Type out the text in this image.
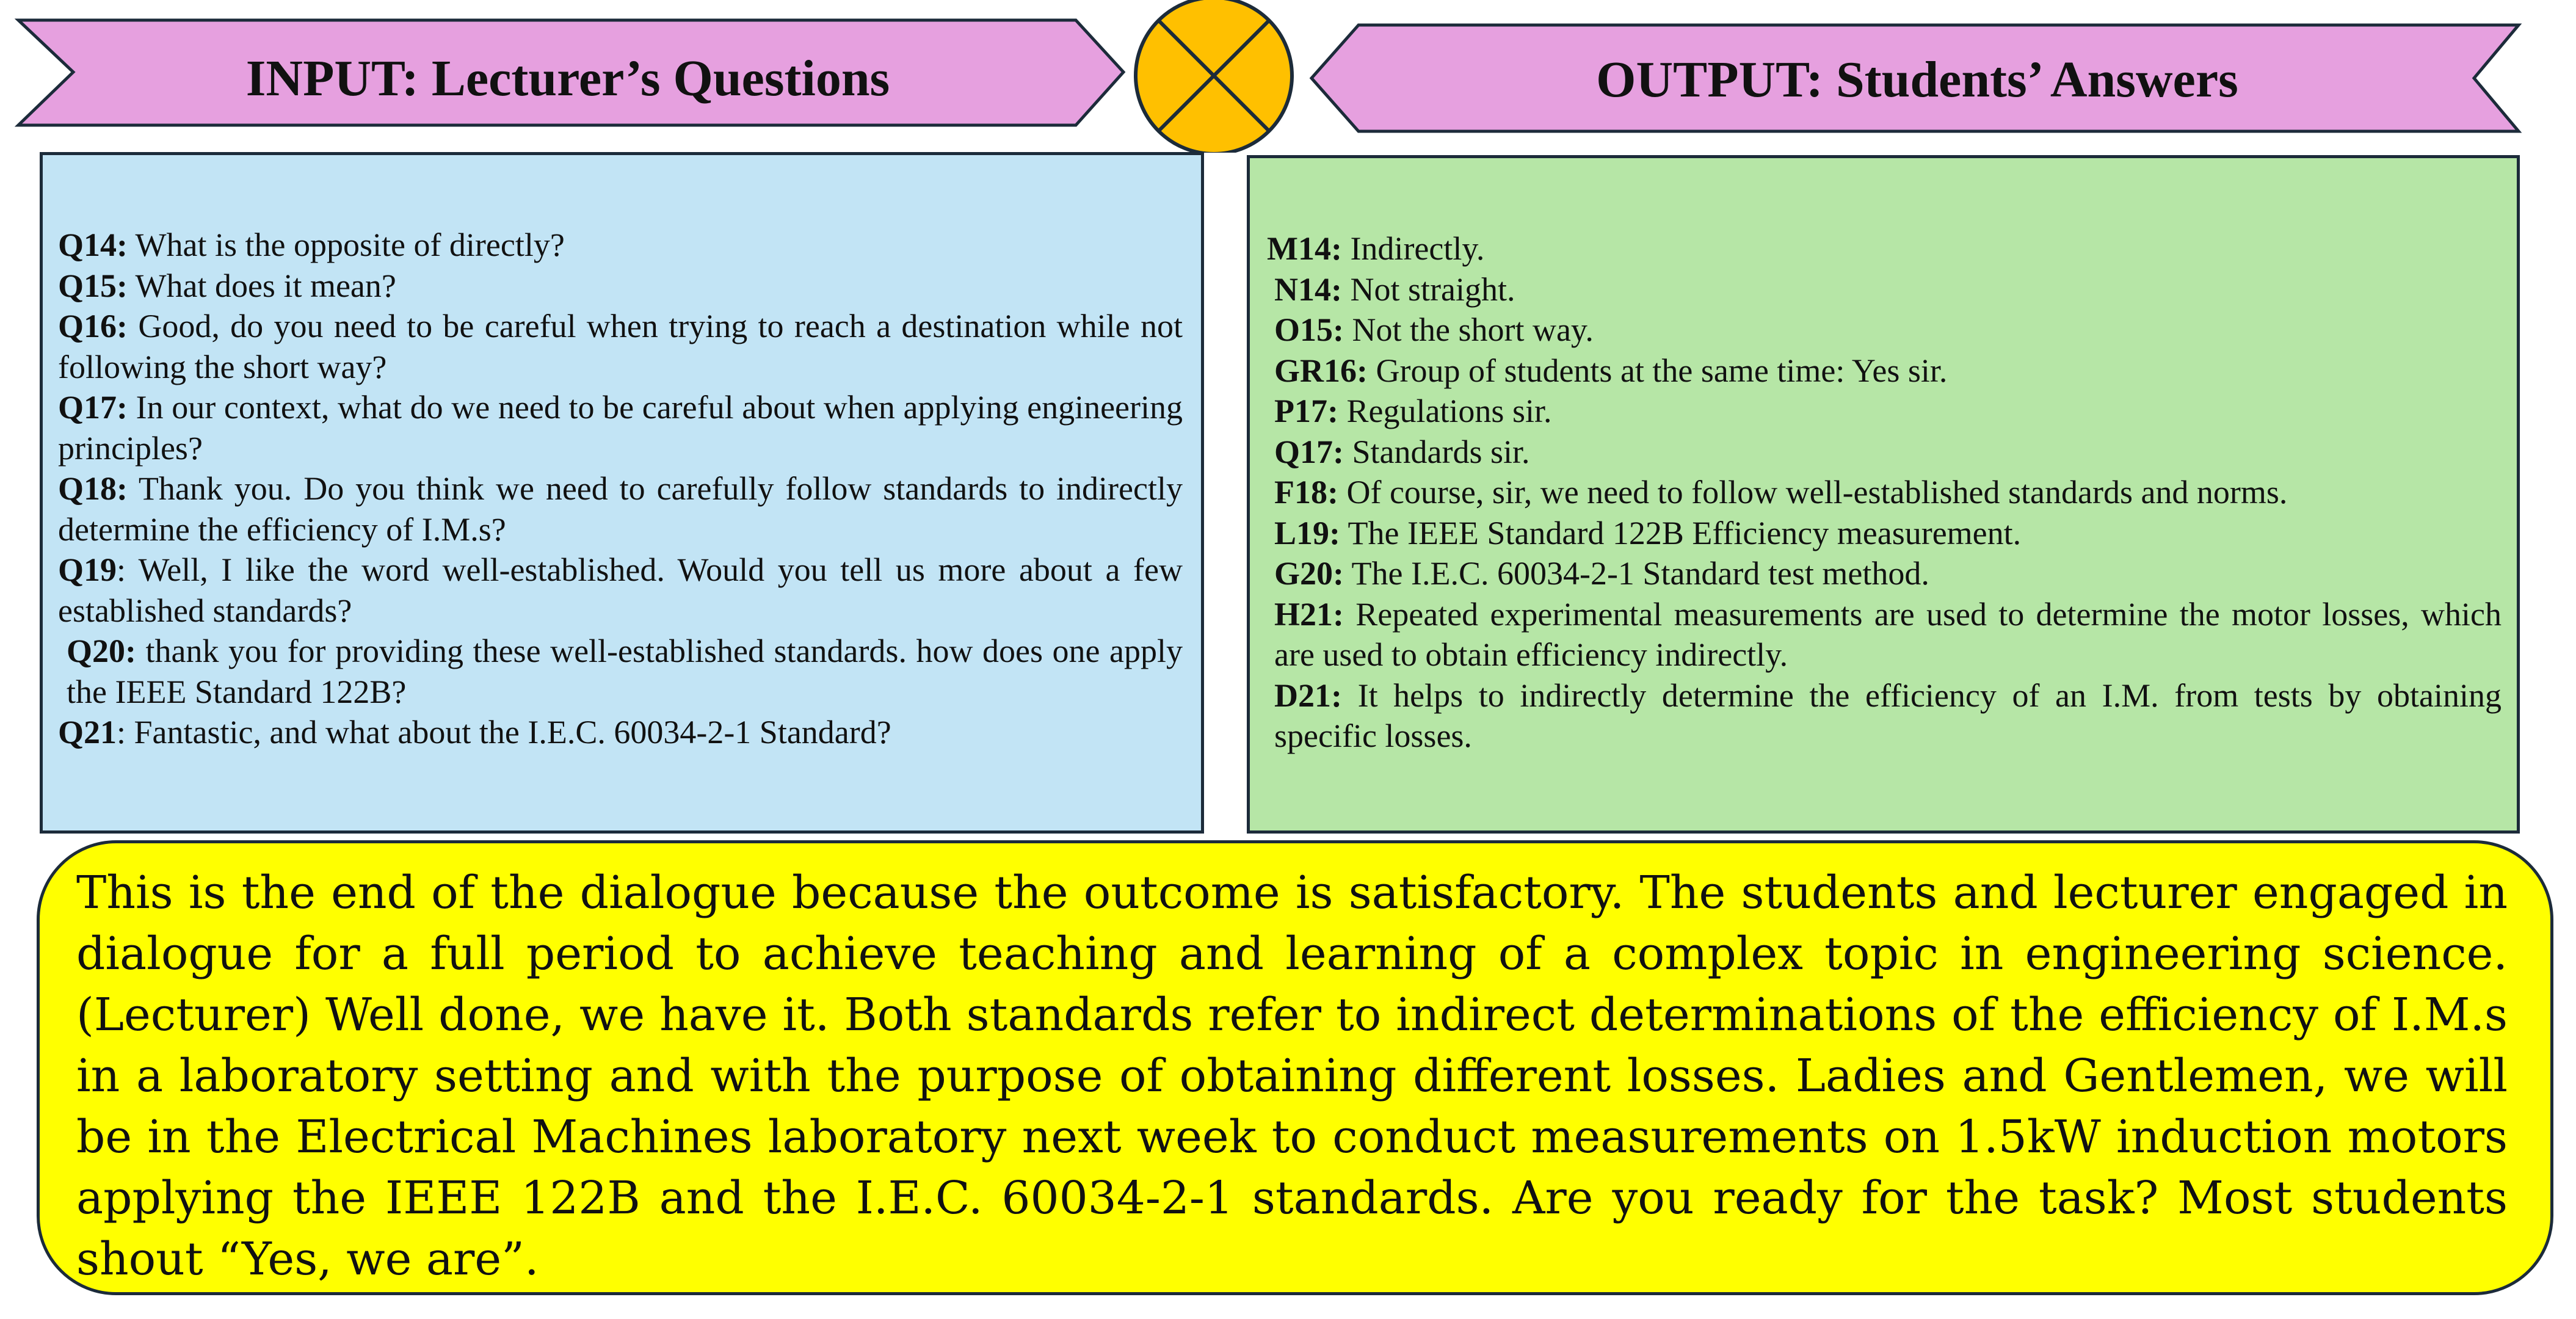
INPUT: Lecturer’s Questions	OUTPUT: Students’ Answers

Q14: What is the opposite of directly?

Q15: What does it mean?

Q16: Good, do you need to be careful when trying to reach a destination while not following the short way?

Q17: In our context, what do we need to be careful about when applying engineering principles?

Q18: Thank you. Do you think we need to carefully follow standards to indirectly determine the efficiency of I.M.s?

Q19: Well, I like the word well-established. Would you tell us more about a few established standards?

Q20: thank you for providing these well-established standards. how does one apply the IEEE Standard 122B?

Q21: Fantastic, and what about the I.E.C. 60034-2-1 Standard?

M14: Indirectly.

N14: Not straight.

O15: Not the short way.

GR16: Group of students at the same time: Yes sir.

P17: Regulations sir.

Q17: Standards sir.

F18: Of course, sir, we need to follow well-established standards and norms.

L19: The IEEE Standard 122B Efficiency measurement.

G20: The I.E.C. 60034-2-1 Standard test method.

H21: Repeated experimental measurements are used to determine the motor losses, which are used to obtain efficiency indirectly.

D21: It helps to indirectly determine the efficiency of an I.M. from tests by obtaining specific losses.

This is the end of the dialogue because the outcome is satisfactory. The students and lecturer engaged in dialogue for a full period to achieve teaching and learning of a complex topic in engineering science. (Lecturer) Well done, we have it. Both standards refer to indirect determinations of the efficiency of I.M.s in a laboratory setting and with the purpose of obtaining different losses. Ladies and Gentlemen, we will be in the Electrical Machines laboratory next week to conduct measurements on 1.5kW induction motors applying the IEEE 122B and the I.E.C. 60034-2-1 standards. Are you ready for the task? Most students shout “Yes, we are”.
